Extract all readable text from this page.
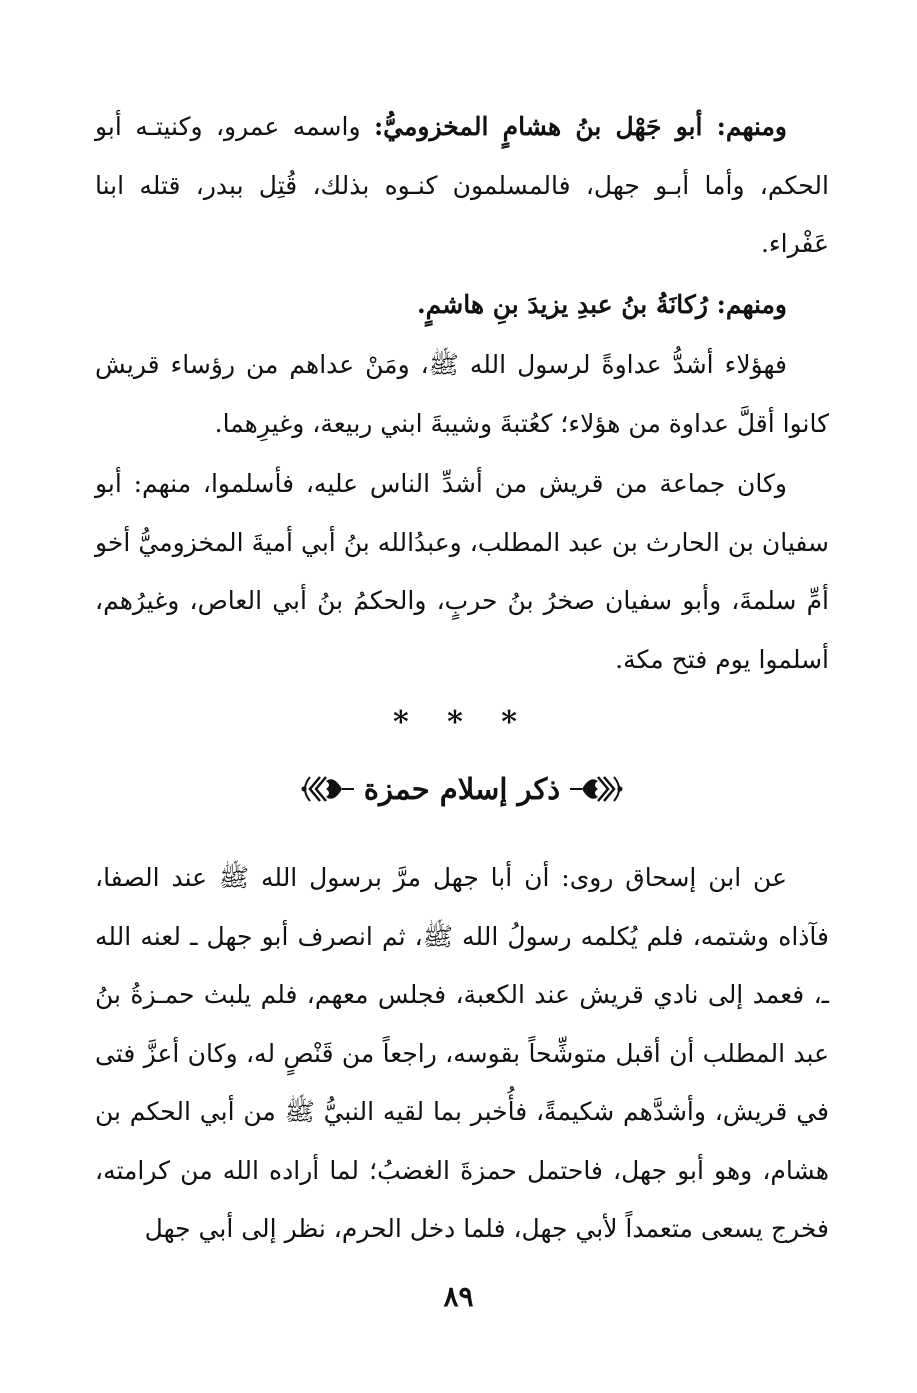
ومنهم: أبو جَهْل بنُ هشامٍ المخزوميُّ: واسمه عمرو، وكنيتـه أبو الحكم، وأما أبـو جهل، فالمسلمون كنـوه بذلك، قُتِل ببدر، قتله ابنا عَفْراء.

ومنهم: رُكانَةُ بنُ عبدِ يزيدَ بنِ هاشمٍ.

فهؤلاء أشدُّ عداوةً لرسول الله ﷺ، ومَنْ عداهم من رؤساء قريش كانوا أقلَّ عداوة من هؤلاء؛ كعُتبةَ وشيبةَ ابني ربيعة، وغيرِهما.

وكان جماعة من قريش من أشدِّ الناس عليه، فأسلموا، منهم: أبو سفيان بن الحارث بن عبد المطلب، وعبدُالله بنُ أبي أميةَ المخزوميُّ أخو أمِّ سلمةَ، وأبو سفيان صخرُ بنُ حربٍ، والحكمُ بنُ أبي العاص، وغيرُهم، أسلموا يوم فتح مكة.

* * *
ذكر إسلام حمزة

عن ابن إسحاق روى: أن أبا جهل مرَّ برسول الله ﷺ عند الصفا، فآذاه وشتمه، فلم يُكلمه رسولُ الله ﷺ، ثم انصرف أبو جهل ـ لعنه الله ـ، فعمد إلى نادي قريش عند الكعبة، فجلس معهم، فلم يلبث حمـزةُ بنُ عبد المطلب أن أقبل متوشِّحاً بقوسه، راجعاً من قَنْصٍ له، وكان أعزَّ فتى في قريش، وأشدَّهم شكيمةً، فأُخبر بما لقيه النبيُّ ﷺ من أبي الحكم بن هشام، وهو أبو جهل، فاحتمل حمزةَ الغضبُ؛ لما أراده الله من كرامته، فخرج يسعى متعمداً لأبي جهل، فلما دخل الحرم، نظر إلى أبي جهل

٨٩
